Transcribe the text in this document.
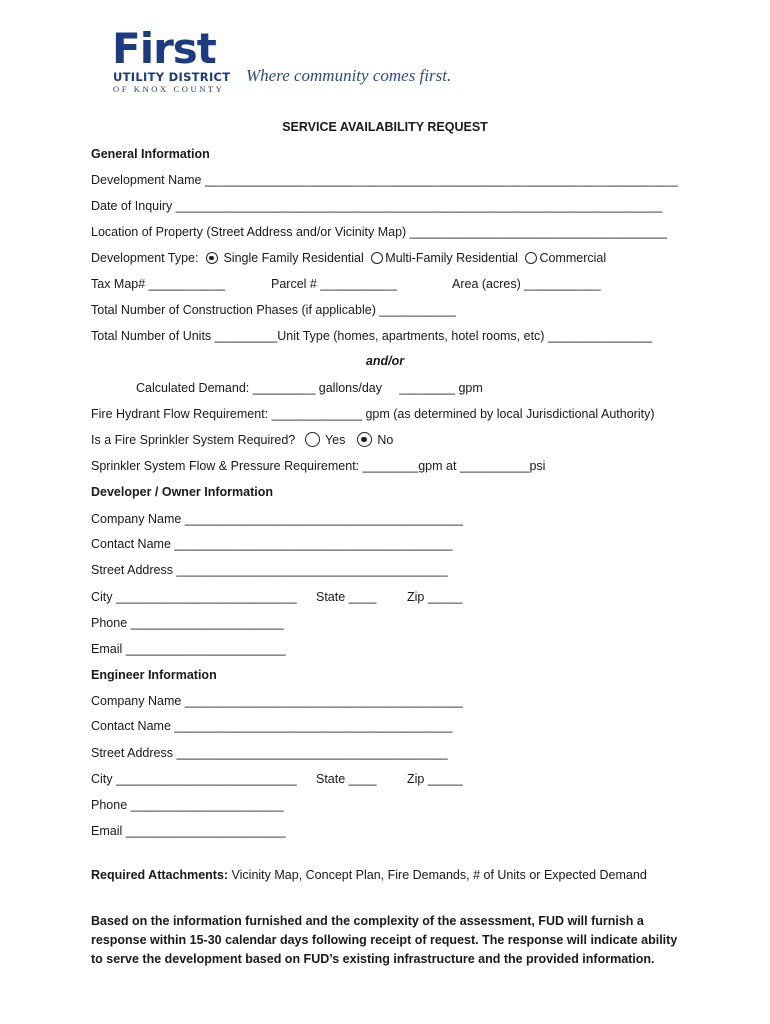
First
UTILITY DISTRICT
OF KNOX COUNTY
Where community comes first.
SERVICE AVAILABILITY REQUEST
General Information
Development Name ____________________________________________________________________
Date of Inquiry ______________________________________________________________________
Location of Property (Street Address and/or Vicinity Map) _____________________________________
Development Type: Single Family Residential Multi-Family Residential Commercial
Tax Map# ___________	Parcel # ___________	Area (acres) ___________
Total Number of Construction Phases (if applicable) ___________
Total Number of Units _________Unit Type (homes, apartments, hotel rooms, etc) _______________
and/or
Calculated Demand: _________ gallons/day     ________ gpm
Fire Hydrant Flow Requirement: _____________ gpm (as determined by local Jurisdictional Authority)
Is a Fire Sprinkler System Required? Yes	No
Sprinkler System Flow & Pressure Requirement: ________gpm at __________psi
Developer / Owner Information
Company Name ________________________________________
Contact Name ________________________________________
Street Address _______________________________________
City __________________________ State ____ Zip _____
Phone ______________________
Email _______________________
Engineer Information
Company Name ________________________________________
Contact Name ________________________________________
Street Address _______________________________________
City __________________________ State ____ Zip _____
Phone ______________________
Email _______________________
Required Attachments: Vicinity Map, Concept Plan, Fire Demands, # of Units or Expected Demand
Based on the information furnished and the complexity of the assessment, FUD will furnish a response within 15-30 calendar days following receipt of request. The response will indicate ability to serve the development based on FUD’s existing infrastructure and the provided information.
